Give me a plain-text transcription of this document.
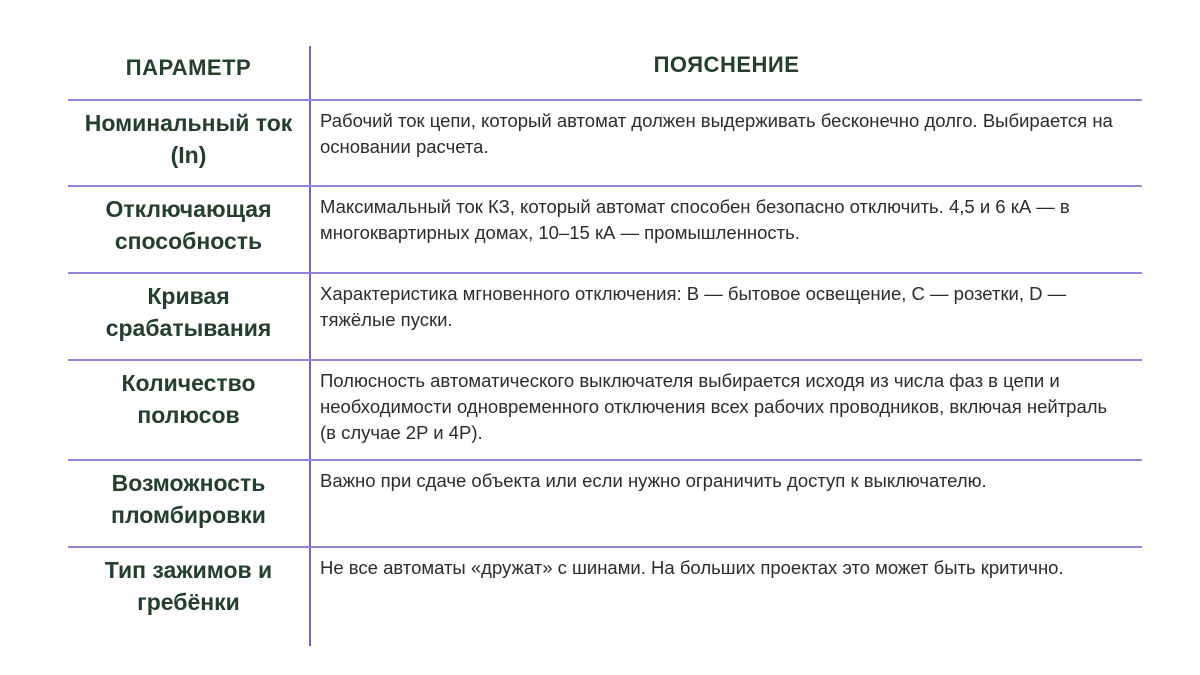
ПАРАМЕТР	ПОЯСНЕНИЕ
Номинальный ток (In)
Рабочий ток цепи, который автомат должен выдерживать бесконечно долго. Выбирается на основании расчета.
Отключающая способность
Максимальный ток КЗ, который автомат способен безопасно отключить. 4,5 и 6 кА — в многоквартирных домах, 10–15 кА — промышленность.
Кривая срабатывания
Характеристика мгновенного отключения: B — бытовое освещение, C — розетки, D — тяжёлые пуски.
Количество полюсов
Полюсность автоматического выключателя выбирается исходя из числа фаз в цепи и необходимости одновременного отключения всех рабочих проводников, включая нейтраль (в случае 2P и 4P).
Возможность пломбировки
Важно при сдаче объекта или если нужно ограничить доступ к выключателю.
Тип зажимов и гребёнки
Не все автоматы «дружат» с шинами. На больших проектах это может быть критично.
